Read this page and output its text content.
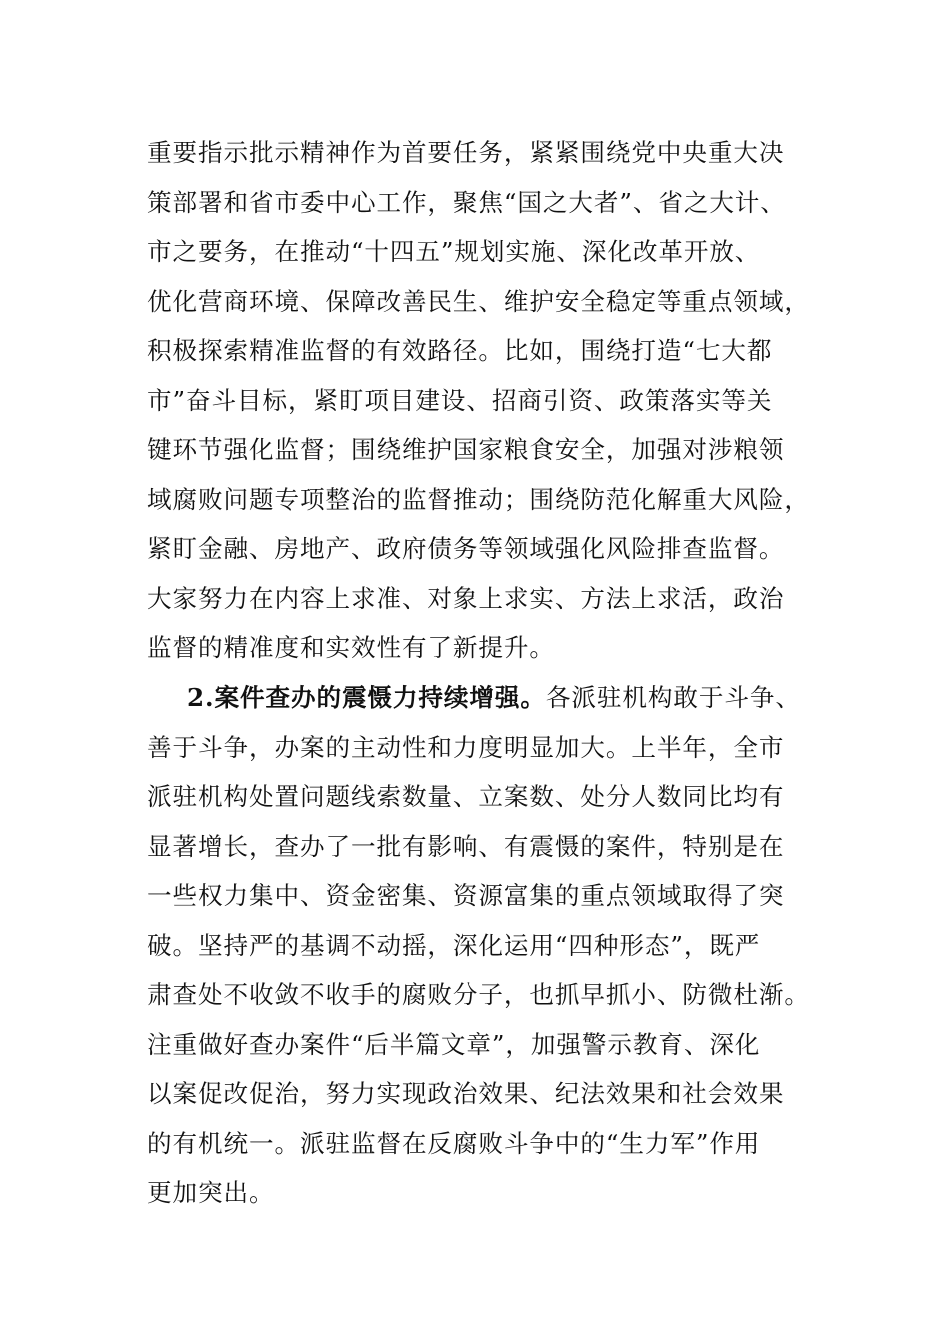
重要指示批示精神作为首要任务，紧紧围绕党中央重大决
策部署和省市委中心工作，聚焦“国之大者”、省之大计、
市之要务，在推动“十四五”规划实施、深化改革开放、
优化营商环境、保障改善民生、维护安全稳定等重点领域，
积极探索精准监督的有效路径。比如，围绕打造“七大都
市”奋斗目标，紧盯项目建设、招商引资、政策落实等关
键环节强化监督；围绕维护国家粮食安全，加强对涉粮领
域腐败问题专项整治的监督推动；围绕防范化解重大风险，
紧盯金融、房地产、政府债务等领域强化风险排查监督。
大家努力在内容上求准、对象上求实、方法上求活，政治
监督的精准度和实效性有了新提升。
2.案件查办的震慑力持续增强。各派驻机构敢于斗争、
善于斗争，办案的主动性和力度明显加大。上半年，全市
派驻机构处置问题线索数量、立案数、处分人数同比均有
显著增长，查办了一批有影响、有震慑的案件，特别是在
一些权力集中、资金密集、资源富集的重点领域取得了突
破。坚持严的基调不动摇，深化运用“四种形态”，既严
肃查处不收敛不收手的腐败分子，也抓早抓小、防微杜渐。
注重做好查办案件“后半篇文章”，加强警示教育、深化
以案促改促治，努力实现政治效果、纪法效果和社会效果
的有机统一。派驻监督在反腐败斗争中的“生力军”作用
更加突出。
